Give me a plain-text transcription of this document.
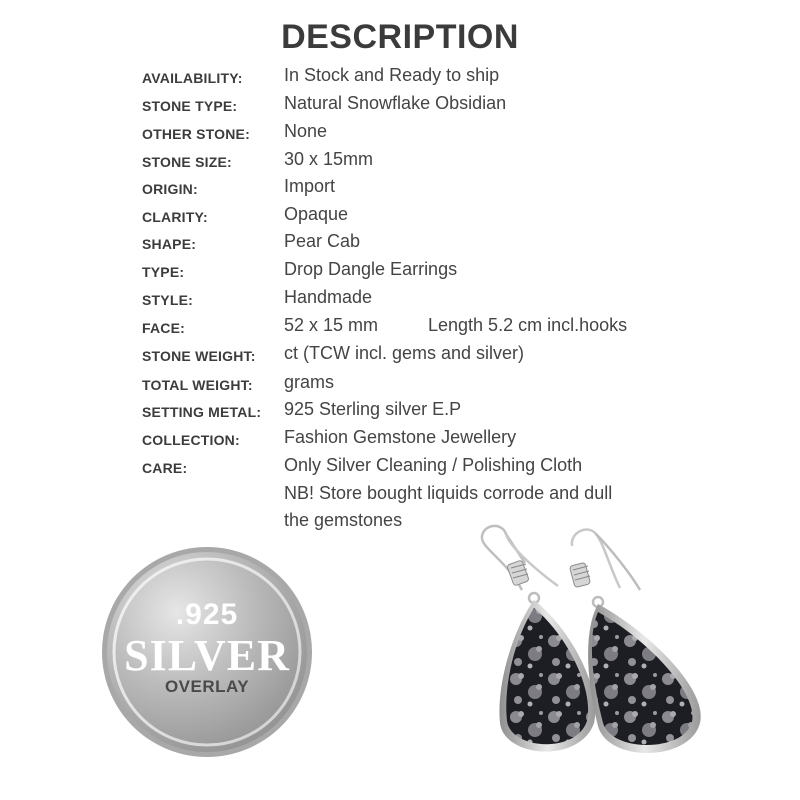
DESCRIPTION
AVAILABILITY: In Stock and Ready to ship
STONE TYPE:	Natural Snowflake Obsidian
OTHER STONE: None
STONE SIZE:	30 x 15mm
ORIGIN:	Import
CLARITY:	Opaque
SHAPE:	Pear Cab
TYPE:	Drop Dangle Earrings
STYLE:	Handmade
FACE:	52 x 15 mm	Length 5.2 cm incl.hooks
STONE WEIGHT: ct (TCW incl. gems and silver)
TOTAL WEIGHT: grams
SETTING METAL: 925 Sterling silver E.P
COLLECTION: Fashion Gemstone Jewellery
CARE:	Only Silver Cleaning / Polishing Cloth
NB! Store bought liquids corrode and dull
the gemstones
.925
SILVER
OVERLAY
